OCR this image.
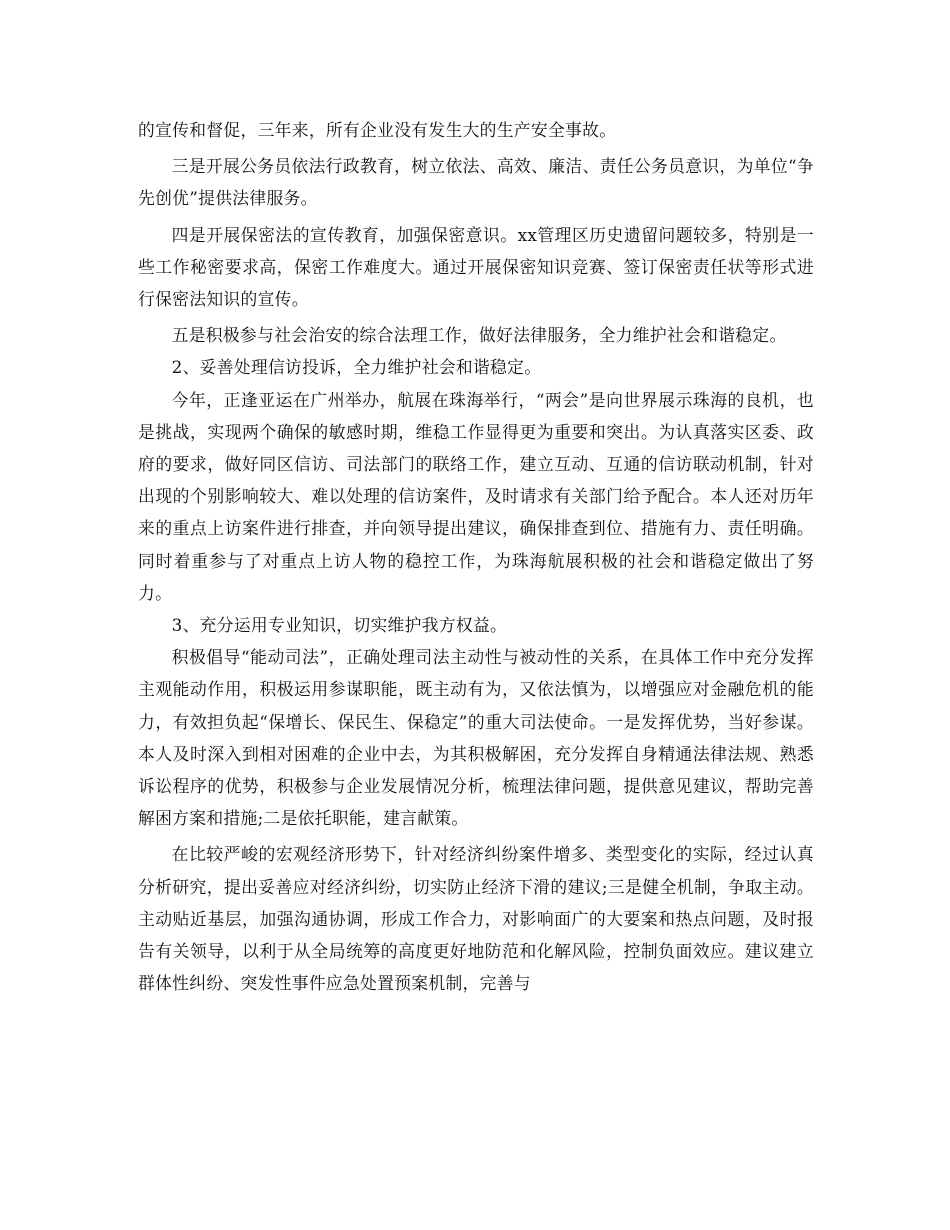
的宣传和督促，三年来，所有企业没有发生大的生产安全事故。

三是开展公务员依法行政教育，树立依法、高效、廉洁、责任公务员意识，为单位“争先创优”提供法律服务。

四是开展保密法的宣传教育，加强保密意识。xx管理区历史遗留问题较多，特别是一些工作秘密要求高，保密工作难度大。通过开展保密知识竞赛、签订保密责任状等形式进行保密法知识的宣传。

五是积极参与社会治安的综合法理工作，做好法律服务，全力维护社会和谐稳定。

2、妥善处理信访投诉，全力维护社会和谐稳定。

今年，正逢亚运在广州举办，航展在珠海举行，“两会”是向世界展示珠海的良机，也是挑战，实现两个确保的敏感时期，维稳工作显得更为重要和突出。为认真落实区委、政府的要求，做好同区信访、司法部门的联络工作，建立互动、互通的信访联动机制，针对出现的个别影响较大、难以处理的信访案件，及时请求有关部门给予配合。本人还对历年来的重点上访案件进行排查，并向领导提出建议，确保排查到位、措施有力、责任明确。同时着重参与了对重点上访人物的稳控工作，为珠海航展积极的社会和谐稳定做出了努力。

3、充分运用专业知识，切实维护我方权益。

积极倡导“能动司法”，正确处理司法主动性与被动性的关系，在具体工作中充分发挥主观能动作用，积极运用参谋职能，既主动有为，又依法慎为，以增强应对金融危机的能力，有效担负起“保增长、保民生、保稳定”的重大司法使命。一是发挥优势，当好参谋。本人及时深入到相对困难的企业中去，为其积极解困，充分发挥自身精通法律法规、熟悉诉讼程序的优势，积极参与企业发展情况分析，梳理法律问题，提供意见建议，帮助完善解困方案和措施;二是依托职能，建言献策。

在比较严峻的宏观经济形势下，针对经济纠纷案件增多、类型变化的实际，经过认真分析研究，提出妥善应对经济纠纷，切实防止经济下滑的建议;三是健全机制，争取主动。主动贴近基层，加强沟通协调，形成工作合力，对影响面广的大要案和热点问题，及时报告有关领导，以利于从全局统筹的高度更好地防范和化解风险，控制负面效应。建议建立群体性纠纷、突发性事件应急处置预案机制，完善与
